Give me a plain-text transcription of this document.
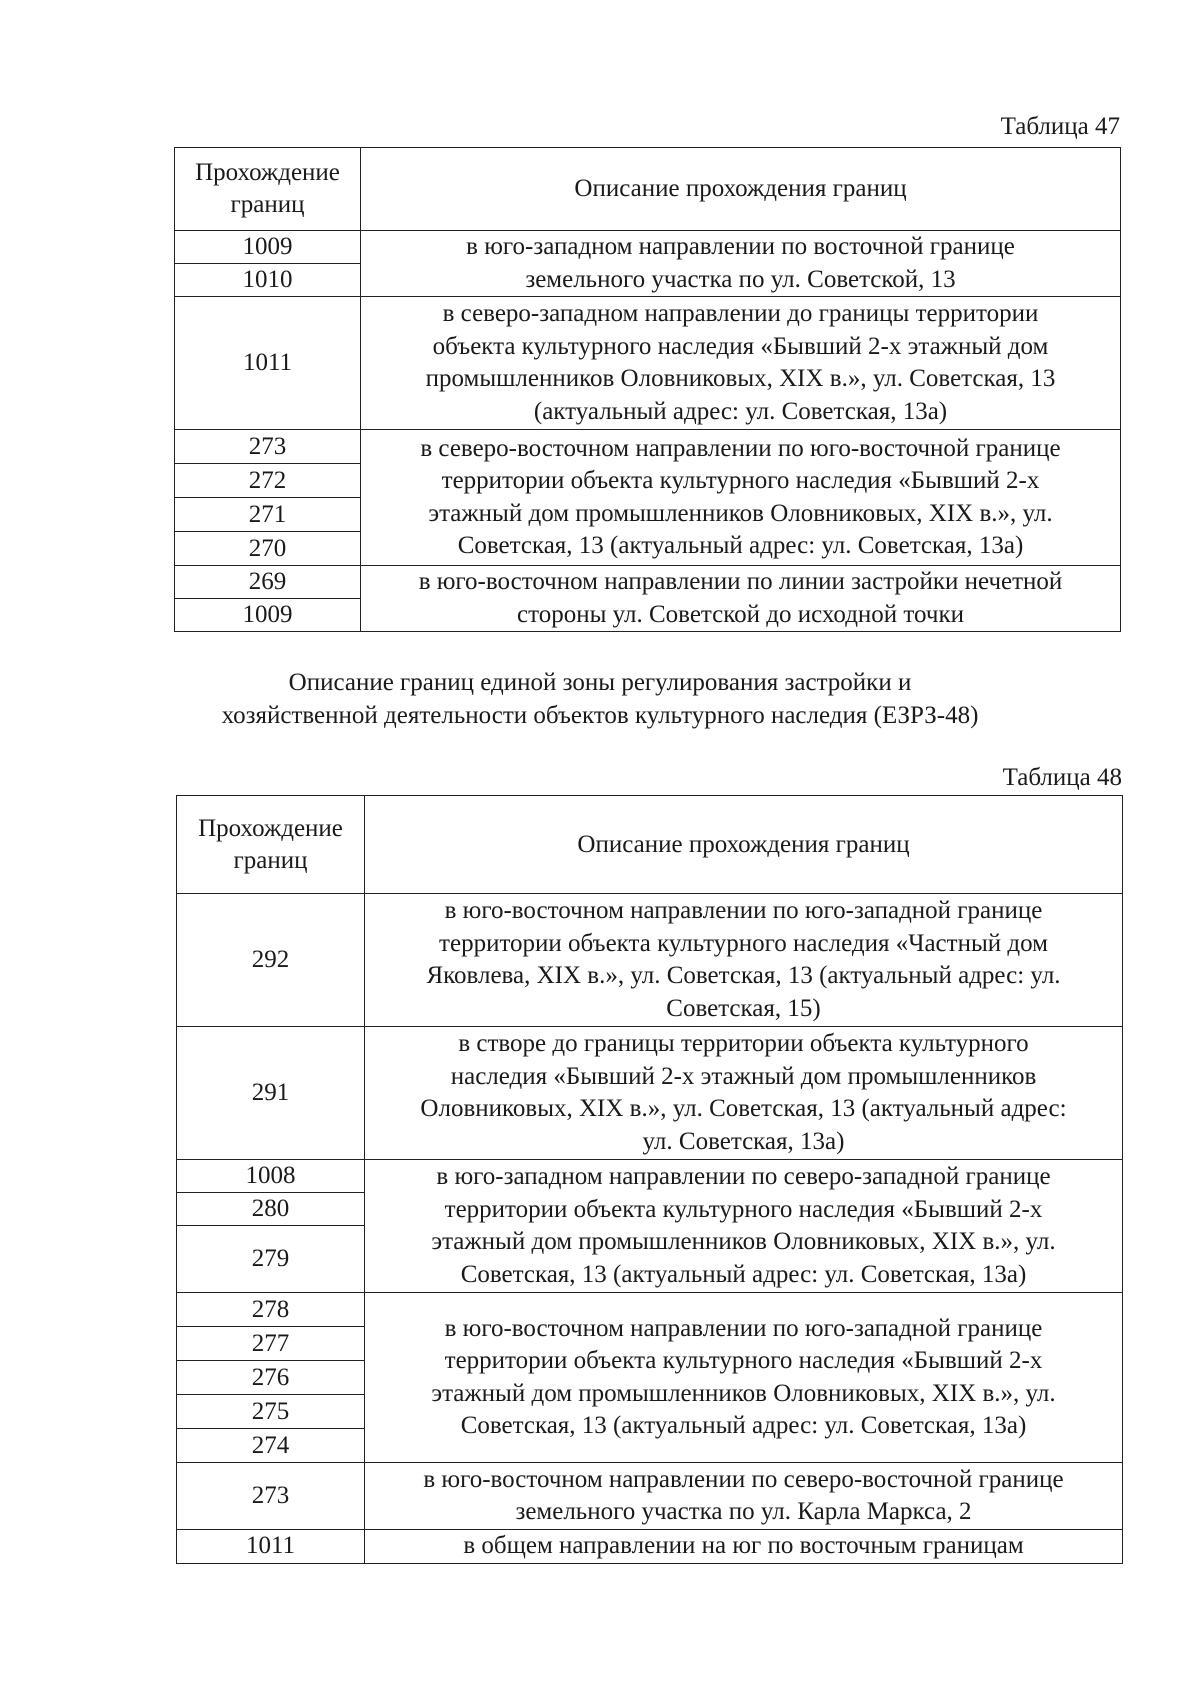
Таблица 47
Прохождение
границ	Описание прохождения границ
1009	в юго-западном направлении по восточной границе
земельного участка по ул. Советской, 13

1010	
1011	в северо-западном направлении до границы территории
объекта культурного наследия «Бывший 2-х этажный дом
промышленников Оловниковых, XIX в.», ул. Советская, 13
(актуальный адрес: ул. Советская, 13а)

273	в северо-восточном направлении по юго-восточной границе
территории объекта культурного наследия «Бывший 2-х
этажный дом промышленников Оловниковых, XIX в.», ул.
Советская, 13 (актуальный адрес: ул. Советская, 13а)

272	
271	
270	
269	в юго-восточном направлении по линии застройки нечетной
стороны ул. Советской до исходной точки

1009	
Описание границ единой зоны регулирования застройки и
хозяйственной деятельности объектов культурного наследия (ЕЗРЗ-48)
Таблица 48
Прохождение
границ	Описание прохождения границ
292	в юго-восточном направлении по юго-западной границе
территории объекта культурного наследия «Частный дом
Яковлева, XIX в.», ул. Советская, 13 (актуальный адрес: ул.
Советская, 15)

291	в створе до границы территории объекта культурного
наследия «Бывший 2-х этажный дом промышленников
Оловниковых, XIX в.», ул. Советская, 13 (актуальный адрес:
ул. Советская, 13а)

1008	в юго-западном направлении по северо-западной границе
территории объекта культурного наследия «Бывший 2-х
этажный дом промышленников Оловниковых, XIX в.», ул.
Советская, 13 (актуальный адрес: ул. Советская, 13а)

280	
279	
278	в юго-восточном направлении по юго-западной границе
территории объекта культурного наследия «Бывший 2-х
этажный дом промышленников Оловниковых, XIX в.», ул.
Советская, 13 (актуальный адрес: ул. Советская, 13а)

277	
276	
275	
274	
273	в юго-восточном направлении по северо-восточной границе
земельного участка по ул. Карла Маркса, 2

1011	в общем направлении на юг по восточным границам
